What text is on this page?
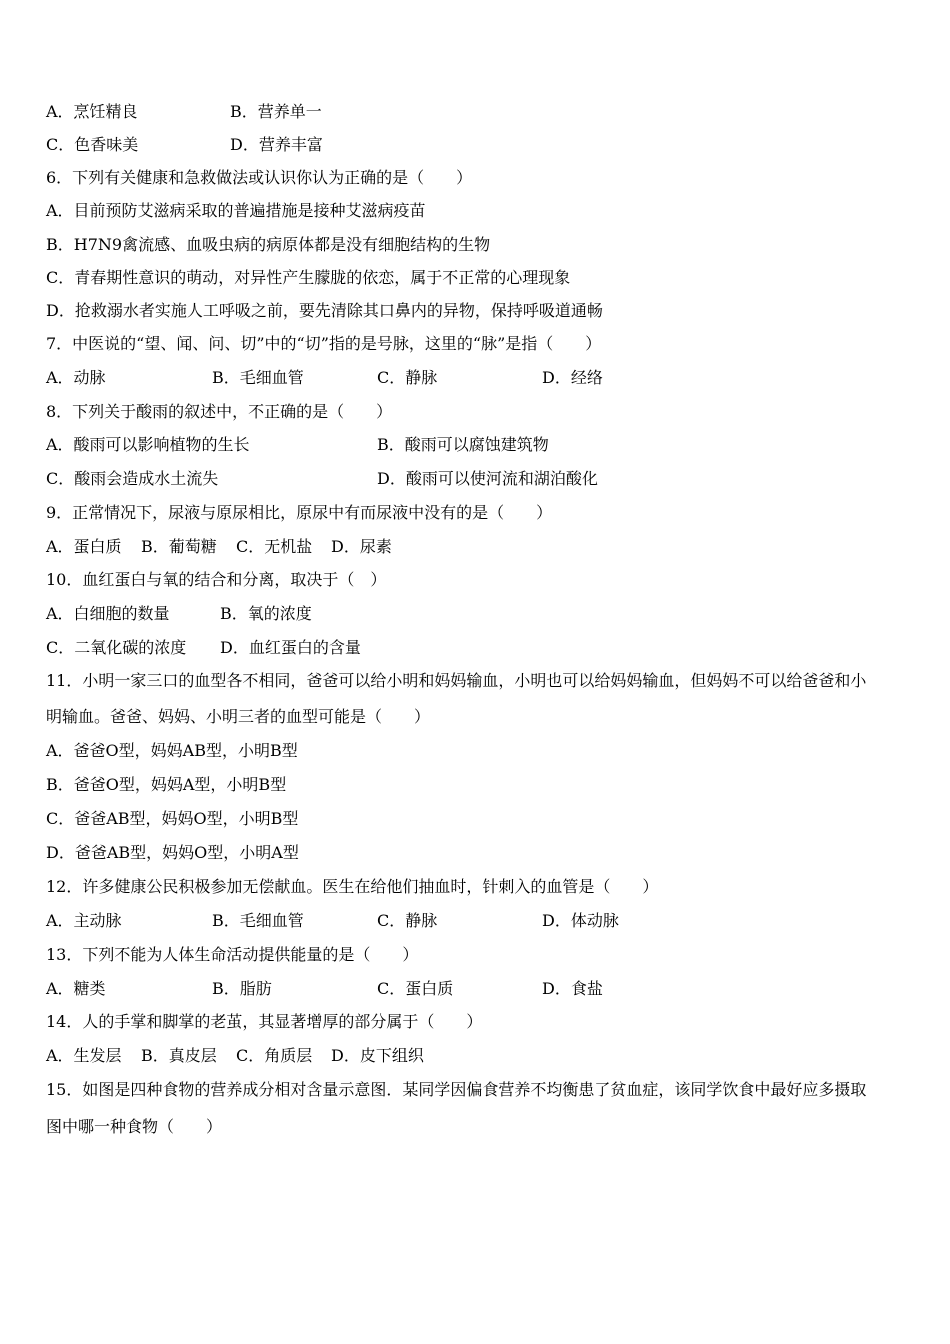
A．烹饪精良	B．营养单一
C．色香味美	D．营养丰富
6．下列有关健康和急救做法或认识你认为正确的是（　　）
A．目前预防艾滋病采取的普遍措施是接种艾滋病疫苗
B．H7N9禽流感、血吸虫病的病原体都是没有细胞结构的生物
C．青春期性意识的萌动，对异性产生朦胧的依恋，属于不正常的心理现象
D．抢救溺水者实施人工呼吸之前，要先清除其口鼻内的异物，保持呼吸道通畅
7．中医说的“望、闻、问、切”中的“切”指的是号脉，这里的“脉”是指（　　）
A．动脉	B．毛细血管	C．静脉	D．经络
8．下列关于酸雨的叙述中，不正确的是（　　）
A．酸雨可以影响植物的生长	B．酸雨可以腐蚀建筑物
C．酸雨会造成水土流失	D．酸雨可以使河流和湖泊酸化
9．正常情况下，尿液与原尿相比，原尿中有而尿液中没有的是（　　）
A．蛋白质 B．葡萄糖 C．无机盐 D．尿素
10．血红蛋白与氧的结合和分离，取决于（　）
A．白细胞的数量	B．氧的浓度
C．二氧化碳的浓度 D．血红蛋白的含量
11．小明一家三口的血型各不相同，爸爸可以给小明和妈妈输血，小明也可以给妈妈输血，但妈妈不可以给爸爸和小
明输血。爸爸、妈妈、小明三者的血型可能是（　　）
A．爸爸O型，妈妈AB型，小明B型
B．爸爸O型，妈妈A型，小明B型
C．爸爸AB型，妈妈O型，小明B型
D．爸爸AB型，妈妈O型，小明A型
12．许多健康公民积极参加无偿献血。医生在给他们抽血时，针刺入的血管是（　　）
A．主动脉	B．毛细血管	C．静脉	D．体动脉
13．下列不能为人体生命活动提供能量的是（　　）
A．糖类	B．脂肪	C．蛋白质	D．食盐
14．人的手掌和脚掌的老茧，其显著增厚的部分属于（　　）
A．生发层 B．真皮层 C．角质层 D．皮下组织
15．如图是四种食物的营养成分相对含量示意图．某同学因偏食营养不均衡患了贫血症，该同学饮食中最好应多摄取
图中哪一种食物（　　）
